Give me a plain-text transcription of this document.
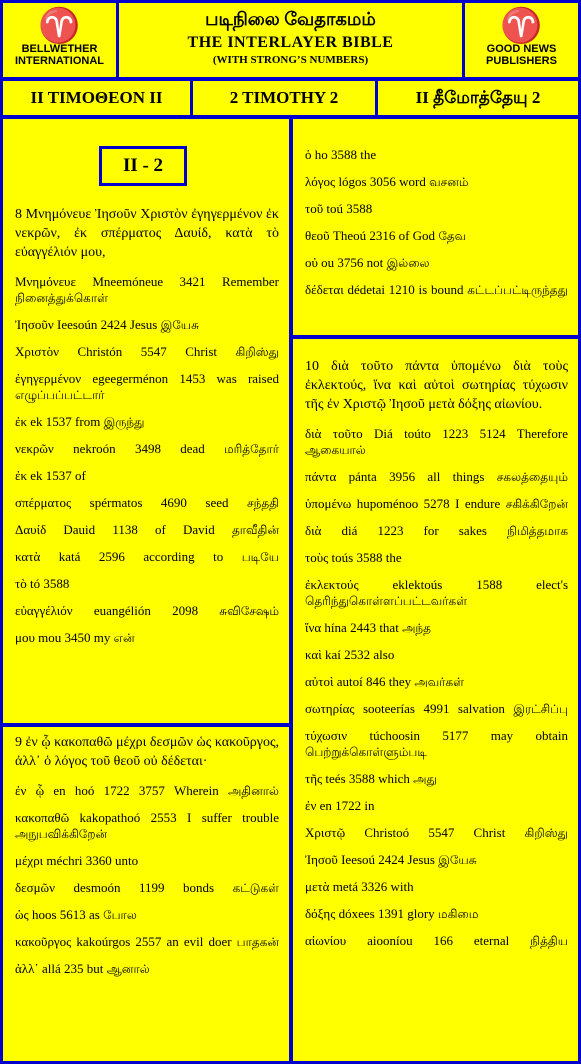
♈
BELLWETHER INTERNATIONAL
படிநிலை வேதாகமம்
THE INTERLAYER BIBLE
(WITH STRONG’S NUMBERS)
♈
GOOD NEWS PUBLISHERS
ΙΙ ΤΙΜΟΘΕΟΝ ΙΙ	2 TIMOTHY 2	II தீமோத்தேயு 2
II - 2
8 Μνημόνευε Ἰησοῦν Χριστὸν ἐγηγερμένον ἐκ νεκρῶν, ἐκ σπέρματος Δαυίδ, κατὰ τὸ εὐαγγέλιόν μου,
Μνημόνευε Mneemóneue 3421 Remember நினைத்துக்கொள்
Ἰησοῦν Ieesoún 2424 Jesus இயேசு
Χριστὸν Christón 5547 Christ கிறிஸ்து
ἐγηγερμένον egeegerménon 1453 was raised எழுப்பப்பட்டார்
ἐκ ek 1537 from இருந்து
νεκρῶν nekroón 3498 dead மரித்தோர்
ἐκ ek 1537 of
σπέρματος spérmatos 4690 seed சந்ததி
Δαυίδ Dauid 1138 of David தாவீதின்
κατὰ katá 2596 according to படியே
τὸ tó 3588
εὐαγγέλιόν euangélión 2098 சுவிசேஷம்
μου mou 3450 my என்
9 ἐν ᾧ κακοπαθῶ μέχρι δεσμῶν ὡς κακοῦργος, ἀλλ᾽ ὁ λόγος τοῦ θεοῦ οὐ δέδεται·
ἐν ᾧ en hoó 1722 3757 Wherein அதினால்
κακοπαθῶ kakopathoó 2553 I suffer trouble அநுபவிக்கிறேன்
μέχρι méchri 3360 unto
δεσμῶν desmoón 1199 bonds கட்டுகள்
ὡς hoos 5613 as போல
κακοῦργος kakoúrgos 2557 an evil doer பாதகன்
ἀλλ᾽ allá 235 but ஆனால்
ὁ ho 3588 the
λόγος lógos 3056 word வசனம்
τοῦ toú 3588
θεοῦ Theoú 2316 of God தேவ
οὐ ou 3756 not இல்லை
δέδεται dédetai 1210 is bound கட்டப்பட்டிருந்தது
10 διὰ τοῦτο πάντα ὑπομένω διὰ τοὺς ἐκλεκτούς, ἵνα καὶ αὐτοὶ σωτηρίας τύχωσιν τῆς ἐν Χριστῷ Ἰησοῦ μετὰ δόξης αἰωνίου.
διὰ τοῦτο Diá toúto 1223 5124 Therefore ஆகையால்
πάντα pánta 3956 all things சகலத்தையும்
ὑπομένω hupoménoo 5278 I endure சகிக்கிறேன்
διὰ diá 1223 for sakes நிமித்தமாக
τοὺς toús 3588 the
ἐκλεκτούς eklektoús 1588 elect's தெரிந்துகொள்ளப்பட்டவர்கள்
ἵνα hína 2443 that அந்த
καὶ kaí 2532 also
αὐτοὶ autoí 846 they அவர்கள்
σωτηρίας sooteerías 4991 salvation இரட்சிப்பு
τύχωσιν túchoosin 5177 may obtain பெற்றுக்கொள்ளும்படி
τῆς teés 3588 which அது
ἐν en 1722 in
Χριστῷ Christoó 5547 Christ கிறிஸ்து
Ἰησοῦ Ieesoú 2424 Jesus இயேசு
μετὰ metá 3326 with
δόξης dóxees 1391 glory மகிமை
αἰωνίου aiooníou 166 eternal நித்திய
